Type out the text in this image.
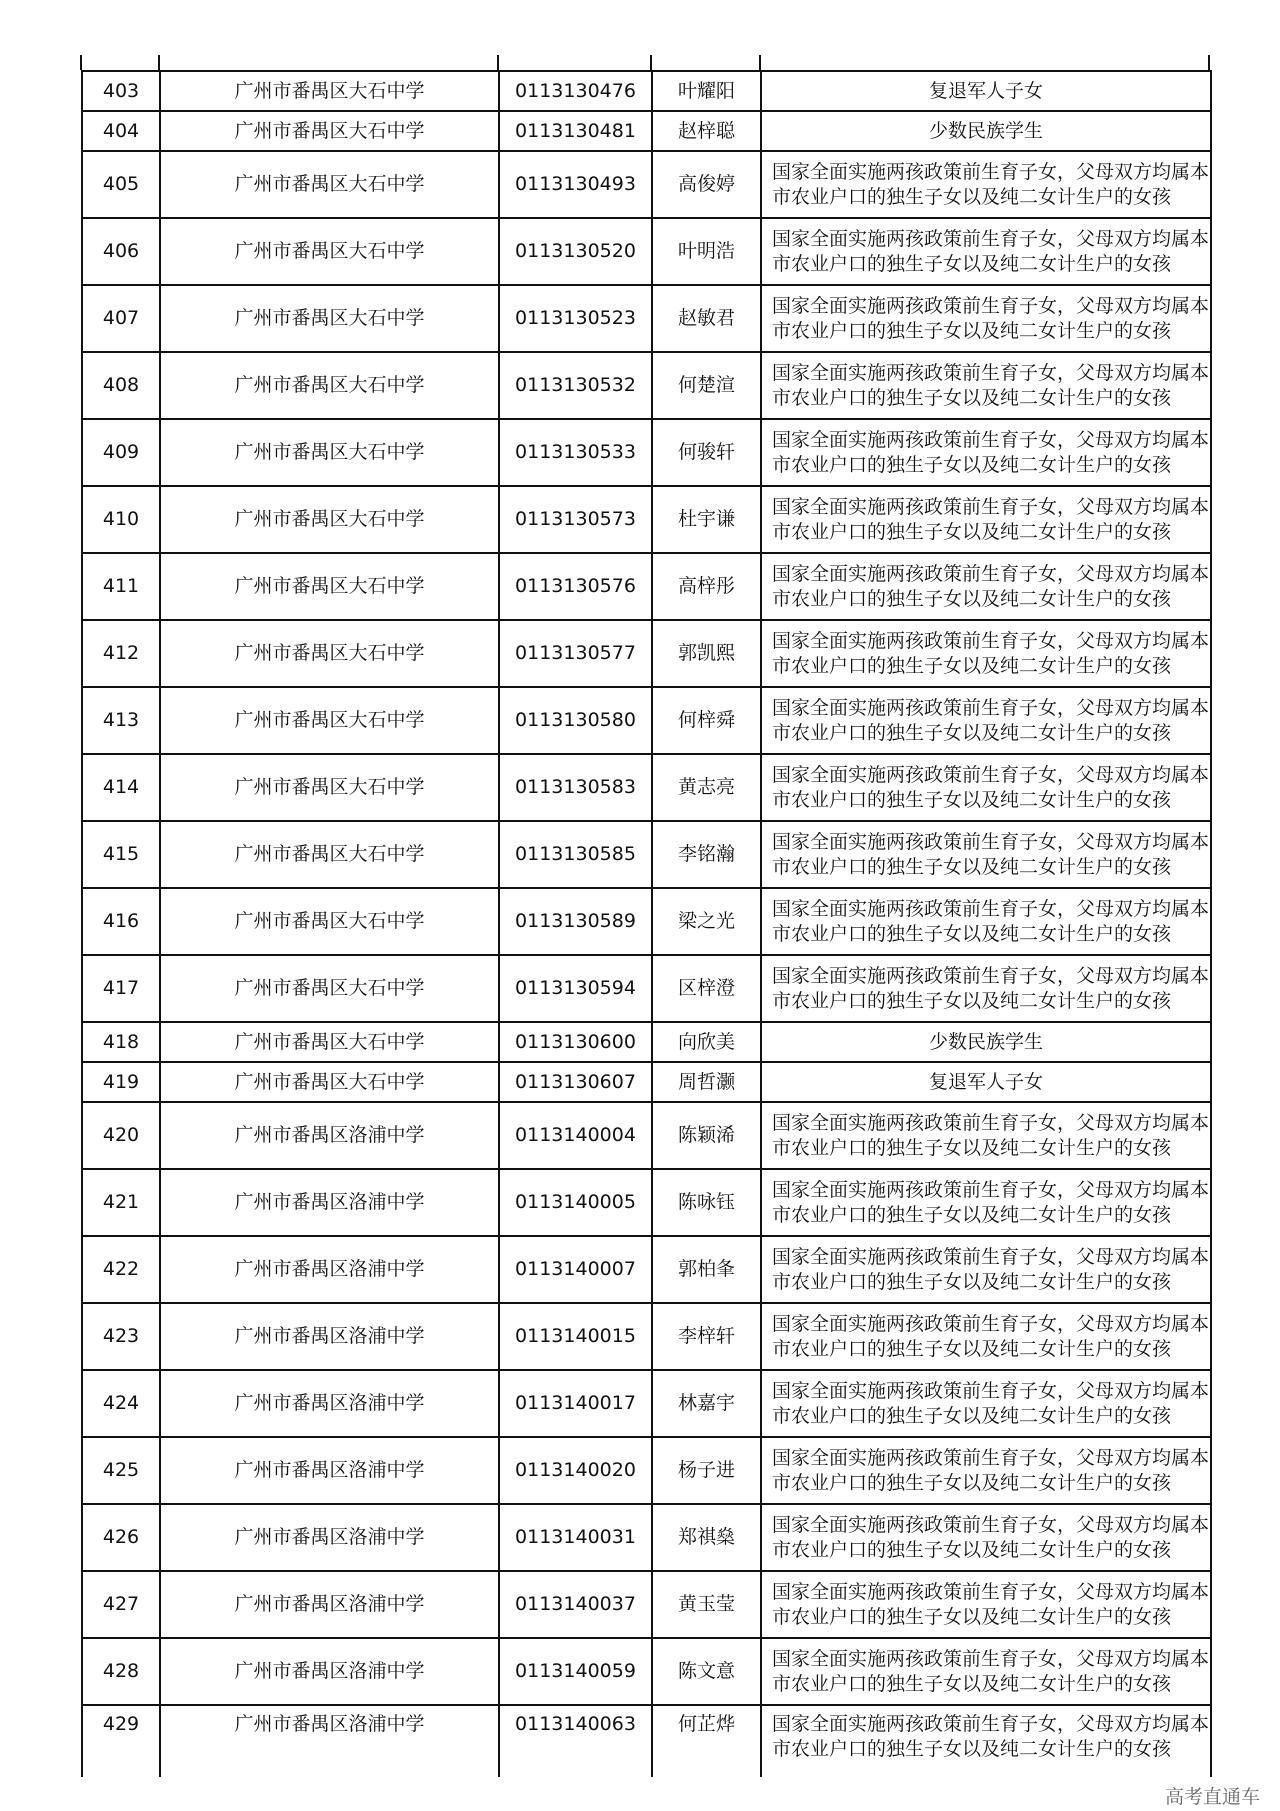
403	广州市番禺区大石中学	0113130476	叶耀阳	复退军人子女
404	广州市番禺区大石中学	0113130481	赵梓聪	少数民族学生
405	广州市番禺区大石中学	0113130493	高俊婷	国家全面实施两孩政策前生育子女，父母双方均属本市农业户口的独生子女以及纯二女计生户的女孩
406	广州市番禺区大石中学	0113130520	叶明浩	国家全面实施两孩政策前生育子女，父母双方均属本市农业户口的独生子女以及纯二女计生户的女孩
407	广州市番禺区大石中学	0113130523	赵敏君	国家全面实施两孩政策前生育子女，父母双方均属本市农业户口的独生子女以及纯二女计生户的女孩
408	广州市番禺区大石中学	0113130532	何楚渲	国家全面实施两孩政策前生育子女，父母双方均属本市农业户口的独生子女以及纯二女计生户的女孩
409	广州市番禺区大石中学	0113130533	何骏轩	国家全面实施两孩政策前生育子女，父母双方均属本市农业户口的独生子女以及纯二女计生户的女孩
410	广州市番禺区大石中学	0113130573	杜宇谦	国家全面实施两孩政策前生育子女，父母双方均属本市农业户口的独生子女以及纯二女计生户的女孩
411	广州市番禺区大石中学	0113130576	高梓彤	国家全面实施两孩政策前生育子女，父母双方均属本市农业户口的独生子女以及纯二女计生户的女孩
412	广州市番禺区大石中学	0113130577	郭凯熙	国家全面实施两孩政策前生育子女，父母双方均属本市农业户口的独生子女以及纯二女计生户的女孩
413	广州市番禺区大石中学	0113130580	何梓舜	国家全面实施两孩政策前生育子女，父母双方均属本市农业户口的独生子女以及纯二女计生户的女孩
414	广州市番禺区大石中学	0113130583	黄志亮	国家全面实施两孩政策前生育子女，父母双方均属本市农业户口的独生子女以及纯二女计生户的女孩
415	广州市番禺区大石中学	0113130585	李铭瀚	国家全面实施两孩政策前生育子女，父母双方均属本市农业户口的独生子女以及纯二女计生户的女孩
416	广州市番禺区大石中学	0113130589	梁之光	国家全面实施两孩政策前生育子女，父母双方均属本市农业户口的独生子女以及纯二女计生户的女孩
417	广州市番禺区大石中学	0113130594	区梓澄	国家全面实施两孩政策前生育子女，父母双方均属本市农业户口的独生子女以及纯二女计生户的女孩
418	广州市番禺区大石中学	0113130600	向欣美	少数民族学生
419	广州市番禺区大石中学	0113130607	周哲灏	复退军人子女
420	广州市番禺区洛浦中学	0113140004	陈颖浠	国家全面实施两孩政策前生育子女，父母双方均属本市农业户口的独生子女以及纯二女计生户的女孩
421	广州市番禺区洛浦中学	0113140005	陈咏钰	国家全面实施两孩政策前生育子女，父母双方均属本市农业户口的独生子女以及纯二女计生户的女孩
422	广州市番禺区洛浦中学	0113140007	郭柏夆	国家全面实施两孩政策前生育子女，父母双方均属本市农业户口的独生子女以及纯二女计生户的女孩
423	广州市番禺区洛浦中学	0113140015	李梓轩	国家全面实施两孩政策前生育子女，父母双方均属本市农业户口的独生子女以及纯二女计生户的女孩
424	广州市番禺区洛浦中学	0113140017	林嘉宇	国家全面实施两孩政策前生育子女，父母双方均属本市农业户口的独生子女以及纯二女计生户的女孩
425	广州市番禺区洛浦中学	0113140020	杨子进	国家全面实施两孩政策前生育子女，父母双方均属本市农业户口的独生子女以及纯二女计生户的女孩
426	广州市番禺区洛浦中学	0113140031	郑祺燊	国家全面实施两孩政策前生育子女，父母双方均属本市农业户口的独生子女以及纯二女计生户的女孩
427	广州市番禺区洛浦中学	0113140037	黄玉莹	国家全面实施两孩政策前生育子女，父母双方均属本市农业户口的独生子女以及纯二女计生户的女孩
428	广州市番禺区洛浦中学	0113140059	陈文意	国家全面实施两孩政策前生育子女，父母双方均属本市农业户口的独生子女以及纯二女计生户的女孩
429	广州市番禺区洛浦中学	0113140063	何芷烨	国家全面实施两孩政策前生育子女，父母双方均属本市农业户口的独生子女以及纯二女计生户的女孩
高考直通车
